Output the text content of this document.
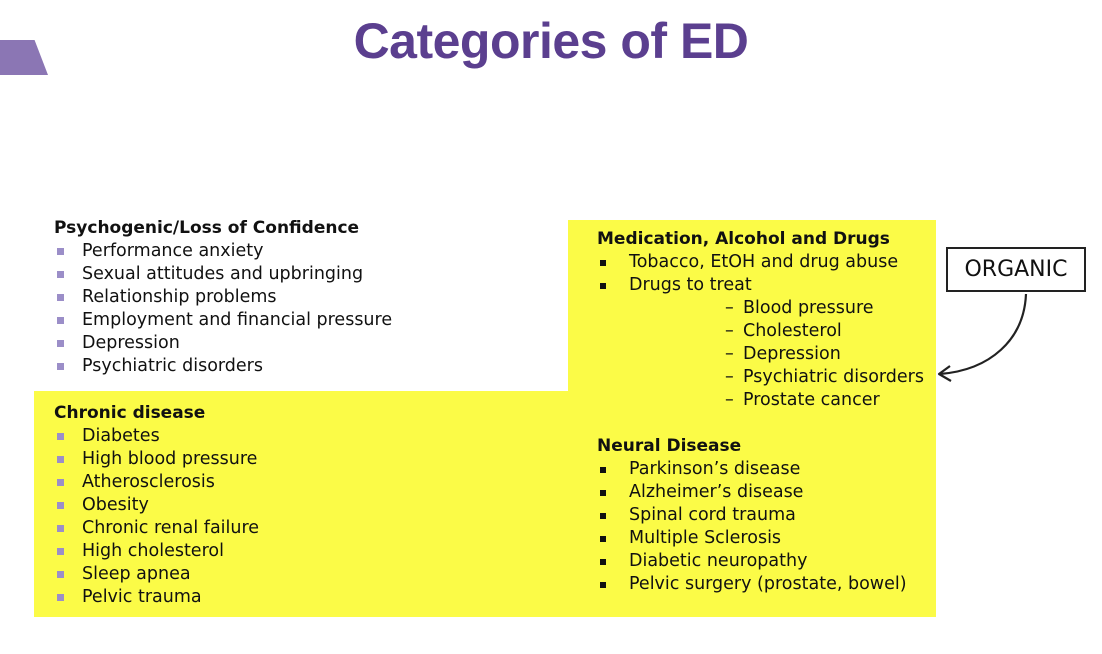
Categories of ED
Psychogenic/Loss of Confidence
Performance anxiety
Sexual attitudes and upbringing
Relationship problems
Employment and financial pressure
Depression
Psychiatric disorders
Chronic disease
Diabetes
High blood pressure
Atherosclerosis
Obesity
Chronic renal failure
High cholesterol
Sleep apnea
Pelvic trauma
Medication, Alcohol and Drugs
Tobacco, EtOH and drug abuse
Drugs to treat
– Blood pressure
– Cholesterol
– Depression
– Psychiatric disorders
– Prostate cancer
Neural Disease
Parkinson’s disease
Alzheimer’s disease
Spinal cord trauma
Multiple Sclerosis
Diabetic neuropathy
Pelvic surgery (prostate, bowel)
ORGANIC
